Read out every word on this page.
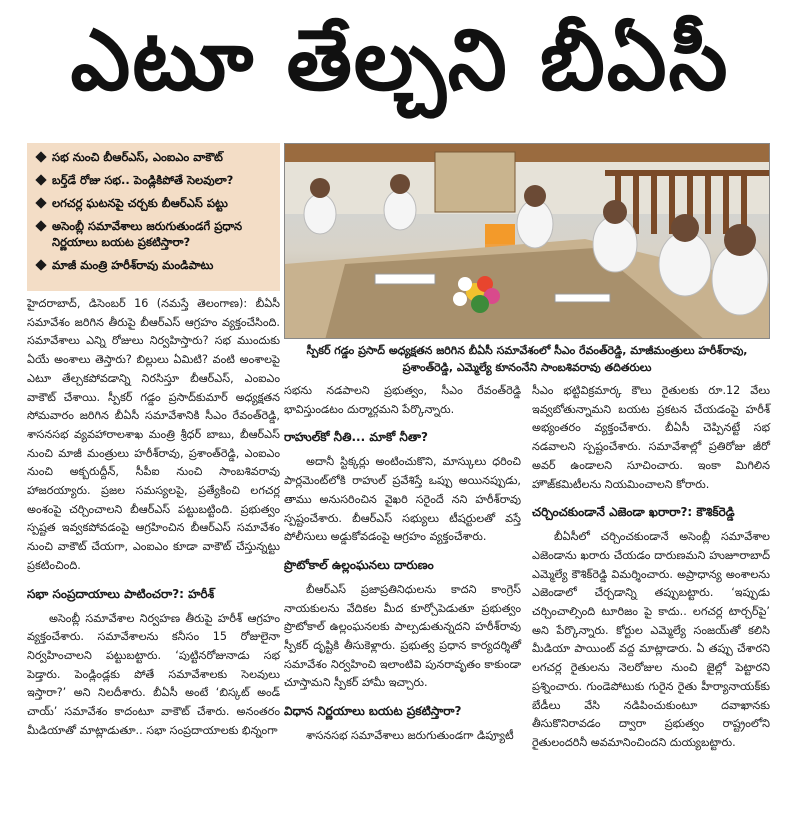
ఎటూ తేల్చని బీఏసీ
సభ నుంచి బీఆర్‌ఎస్, ఎంఐఎం వాకౌట్
బర్త్‌డే రోజు సభ.. పెండ్లికిపోతే సెలవులా?
లగచర్ల ఘటనపై చర్చకు బీఆర్‌ఎస్ పట్టు
అసెంబ్లీ సమావేశాలు జరుగుతుండగే ప్రధాన నిర్ణయాలు బయట ప్రకటిస్తారా?
మాజీ మంత్రి హరీశ్‌రావు మండిపాటు
స్పీకర్ గడ్డం ప్రసాద్ అధ్యక్షతన జరిగిన బీఏసీ సమావేశంలో సీఎం రేవంత్‌రెడ్డి, మాజీమంత్రులు హరీశ్‌రావు, ప్రశాంత్‌రెడ్డి, ఎమ్మెల్యే కూనంనేని సాంబశివరావు తదితరులు

హైదరాబాద్, డిసెంబర్ 16 (నమస్తే తెలంగాణ): బీఏసీ సమావేశం జరిగిన తీరుపై బీఆర్‌ఎస్ ఆగ్రహం వ్యక్తంచేసింది. సమావేశాలు ఎన్ని రోజులు నిర్వహిస్తారు? సభ ముందుకు ఏయే అంశాలు తెస్తారు? బిల్లులు ఏమిటి? వంటి అంశాలపై ఎటూ తేల్చకపోవడాన్ని నిరసిస్తూ బీఆర్‌ఎస్, ఎంఐఎం వాకౌట్ చేశాయి. స్పీకర్ గడ్డం ప్రసాద్‌కుమార్ అధ్యక్షతన సోమవారం జరిగిన బీఏసీ సమావేశానికి సీఎం రేవంత్‌రెడ్డి, శాసనసభ వ్యవహారాలశాఖ మంత్రి శ్రీధర్ బాబు, బీఆర్‌ఎస్ నుంచి మాజీ మంత్రులు హరీశ్‌రావు, ప్రశాంత్‌రెడ్డి, ఎంఐఎం నుంచి అక్బరుద్దీన్, సీపీఐ నుంచి సాంబశివరావు హాజరయ్యారు. ప్రజల సమస్యలపై, ప్రత్యేకించి లగచర్ల అంశంపై చర్చించాలని బీఆర్‌ఎస్ పట్టుబట్టింది. ప్రభుత్వం స్పష్టత ఇవ్వకపోవడంపై ఆగ్రహించిన బీఆర్‌ఎస్ సమావేశం నుంచి వాకౌట్ చేయగా, ఎంఐఎం కూడా వాకౌట్ చేస్తున్నట్టు ప్రకటించింది.

సభా సంప్రదాయాలు పాటించరా?: హరీశ్

అసెంబ్లీ సమావేశాల నిర్వహణ తీరుపై హరీశ్ ఆగ్రహం వ్యక్తంచేశారు. సమావేశాలను కనీసం 15 రోజులైనా నిర్వహించాలని పట్టుబట్టారు. ‘పుట్టినరోజునాడు సభ పెడ్తారు. పెండ్లిండ్లకు పోతే సమావేశాలకు సెలవులు ఇస్తారా?’ అని నిలదీశారు. బీఏసీ అంటే ‘బిస్కట్ అండ్ చాయ్’ సమావేశం కాదంటూ వాకౌట్ చేశారు. అనంతరం మీడియాతో మాట్లాడుతూ.. సభా సంప్రదాయాలకు భిన్నంగా

సభను నడపాలని ప్రభుత్వం, సీఎం రేవంత్‌రెడ్డి భావిస్తుండటం దుర్మార్గమని పేర్కొన్నారు.

రాహుల్‌కో నీతి... మాకో నీతా?

అదానీ స్టిక్కర్లు అంటించుకొని, మాస్కులు ధరించి పార్లమెంట్‌లోకి రాహుల్ ప్రవేశిస్తే ఒప్పు అయినప్పుడు, తాము అనుసరించిన వైఖరి సరైందే నని హరీశ్‌రావు స్పష్టంచేశారు. బీఆర్‌ఎస్ సభ్యులు టీషర్టులతో వస్తే పోలీసులు అడ్డుకోవడంపై ఆగ్రహం వ్యక్తంచేశారు.

ప్రొటోకాల్ ఉల్లంఘనలు దారుణం

బీఆర్‌ఎస్ ప్రజాప్రతినిధులను కాదని కాంగ్రెస్ నాయకులను వేదికల మీద కూర్చోపెడుతూ ప్రభుత్వం ప్రొటోకాల్ ఉల్లంఘనలకు పాల్పడుతున్నదని హరీశ్‌రావు స్పీకర్ దృష్టికి తీసుకెళ్లారు. ప్రభుత్వ ప్రధాన కార్యదర్శితో సమావేశం నిర్వహించి ఇలాంటివి పునరావృతం కాకుండా చూస్తామని స్పీకర్ హామీ ఇచ్చారు.

విధాన నిర్ణయాలు బయట ప్రకటిస్తారా?

శాసనసభ సమావేశాలు జరుగుతుండగా డిప్యూటీ

సీఎం భట్టివిక్రమార్క కౌలు రైతులకు రూ.12 వేలు ఇవ్వబోతున్నామని బయట ప్రకటన చేయడంపై హరీశ్ అభ్యంతరం వ్యక్తంచేశారు. బీఏసీ చెప్పినట్టే సభ నడవాలని స్పష్టంచేశారు. సమావేశాల్లో ప్రతిరోజు జీరో అవర్ ఉండాలని సూచించారు. ఇంకా మిగిలిన హౌజ్‌కమిటీలను నియమించాలని కోరారు.

చర్చించకుండానే ఎజెండా ఖరారా?: కౌశిక్‌రెడ్డి

బీఏసీలో చర్చించకుండానే అసెంబ్లీ సమావేశాల ఎజెండాను ఖరారు చేయడం దారుణమని హుజూరాబాద్ ఎమ్మెల్యే కౌశిక్‌రెడ్డి విమర్శించారు. అప్రాధాన్య అంశాలను ఎజెండాలో చేర్చడాన్ని తప్పుబట్టారు. ‘ఇప్పుడు చర్చించాల్సింది టూరిజం పై కాదు.. లగచర్ల టార్చర్‌పై’ అని పేర్కొన్నారు. కోర్టుల ఎమ్మెల్యే సంజయ్‌తో కలిసి మీడియా పాయింట్ వద్ద మాట్లాడారు. ఏ తప్పు చేశారని లగచర్ల రైతులను నెలరోజుల నుంచి జైల్లో పెట్టారని ప్రశ్నించారు. గుండెపోటుకు గురైన రైతు హీర్యానాయక్‌కు బేడీలు వేసి నడిపించుకుంటూ దవాఖానకు తీసుకొనిరావడం ద్వారా ప్రభుత్వం రాష్ట్రంలోని రైతులందరినీ అవమానించిందని దుయ్యబట్టారు.
